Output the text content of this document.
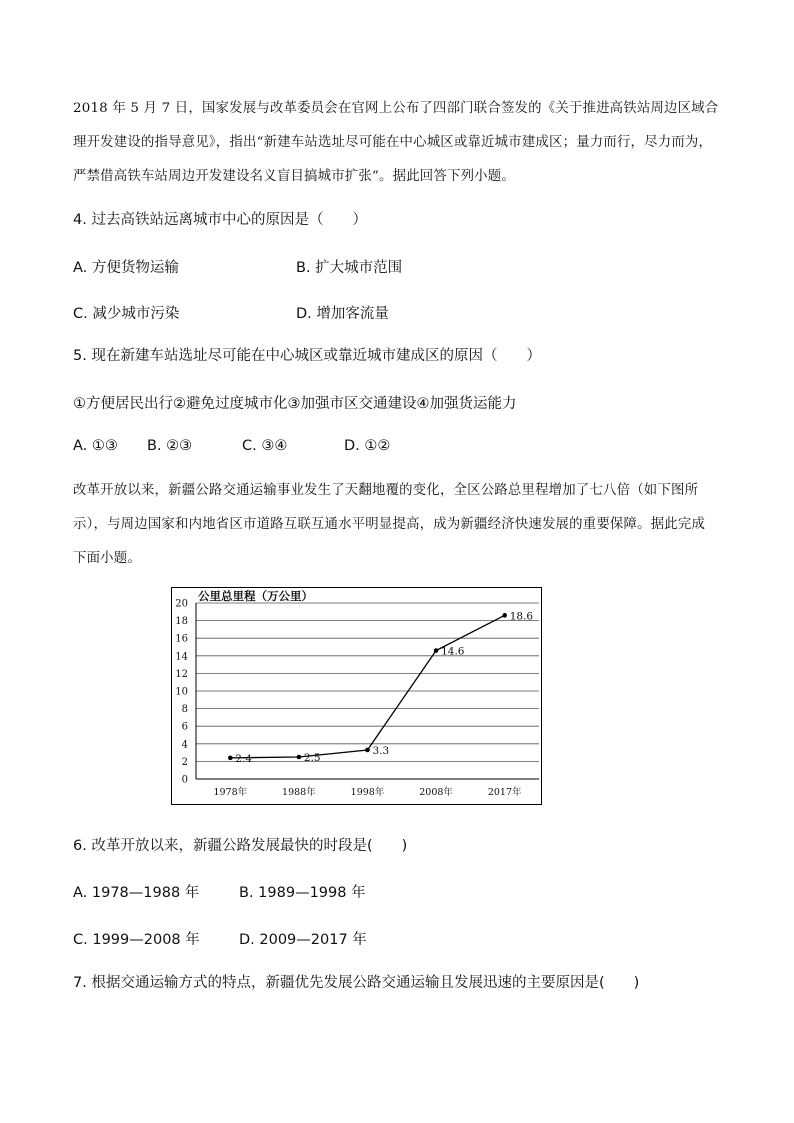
2018 年 5 月 7 日，国家发展与改革委员会在官网上公布了四部门联合签发的《关于推进高铁站周边区域合
理开发建设的指导意见》，指出“新建车站选址尽可能在中心城区或靠近城市建成区；量力而行，尽力而为，
严禁借高铁车站周边开发建设名义盲目搞城市扩张”。据此回答下列小题。
4. 过去高铁站远离城市中心的原因是（　　）
A. 方便货物运输	B. 扩大城市范围
C. 减少城市污染	D. 增加客流量
5. 现在新建车站选址尽可能在中心城区或靠近城市建成区的原因（　　）
①方便居民出行②避免过度城市化③加强市区交通建设④加强货运能力
A. ①③ B. ②③	C. ③④	D. ①②
改革开放以来，新疆公路交通运输事业发生了天翻地覆的变化，全区公路总里程增加了七八倍（如下图所
示），与周边国家和内地省区市道路互联互通水平明显提高，成为新疆经济快速发展的重要保障。据此完成
下面小题。
0
2
4
6
8
10
12
14
16
18
20
公里总里程（万公里）
1978年	1988年	1998年	2008年	2017年
2.4	2.5
3.3
14.6
18.6
6. 改革开放以来，新疆公路发展最快的时段是(　　)
A. 1978—1988 年	B. 1989—1998 年
C. 1999—2008 年	D. 2009—2017 年
7. 根据交通运输方式的特点，新疆优先发展公路交通运输且发展迅速的主要原因是(　　)
